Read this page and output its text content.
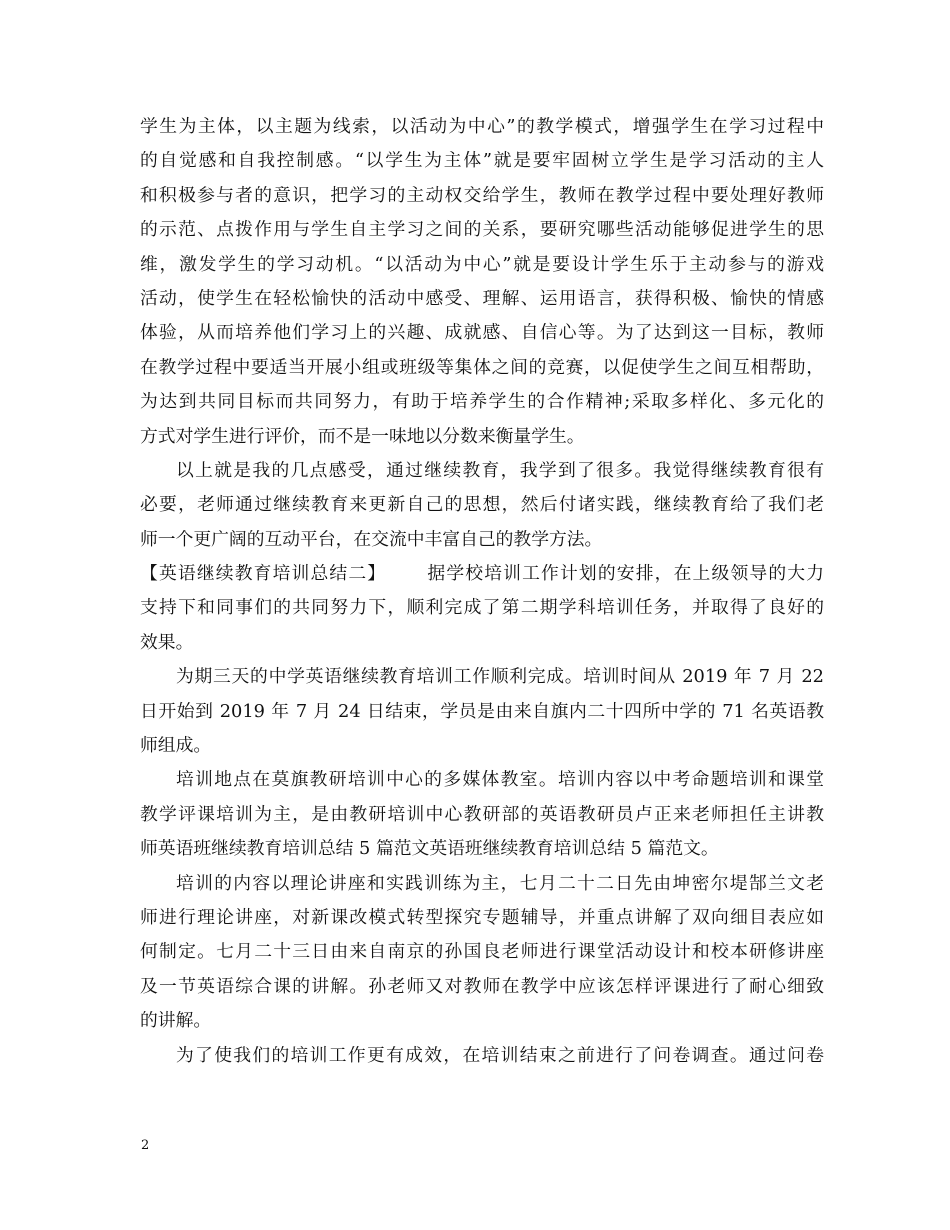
学生为主体，以主题为线索，以活动为中心”的教学模式，增强学生在学习过程中
的自觉感和自我控制感。“以学生为主体”就是要牢固树立学生是学习活动的主人
和积极参与者的意识，把学习的主动权交给学生，教师在教学过程中要处理好教师
的示范、点拨作用与学生自主学习之间的关系，要研究哪些活动能够促进学生的思
维，激发学生的学习动机。“以活动为中心”就是要设计学生乐于主动参与的游戏
活动，使学生在轻松愉快的活动中感受、理解、运用语言，获得积极、愉快的情感
体验，从而培养他们学习上的兴趣、成就感、自信心等。为了达到这一目标，教师
在教学过程中要适当开展小组或班级等集体之间的竞赛，以促使学生之间互相帮助，
为达到共同目标而共同努力，有助于培养学生的合作精神;采取多样化、多元化的
方式对学生进行评价，而不是一味地以分数来衡量学生。
以上就是我的几点感受，通过继续教育，我学到了很多。我觉得继续教育很有
必要，老师通过继续教育来更新自己的思想，然后付诸实践，继续教育给了我们老
师一个更广阔的互动平台，在交流中丰富自己的教学方法。
【英语继续教育培训总结二】 据学校培训工作计划的安排，在上级领导的大力
支持下和同事们的共同努力下，顺利完成了第二期学科培训任务，并取得了良好的
效果。
为期三天的中学英语继续教育培训工作顺利完成。培训时间从 2019 年 7 月 22
日开始到 2019 年 7 月 24 日结束，学员是由来自旗内二十四所中学的 71 名英语教
师组成。
培训地点在莫旗教研培训中心的多媒体教室。培训内容以中考命题培训和课堂
教学评课培训为主，是由教研培训中心教研部的英语教研员卢正来老师担任主讲教
师英语班继续教育培训总结 5 篇范文英语班继续教育培训总结 5 篇范文。
培训的内容以理论讲座和实践训练为主，七月二十二日先由坤密尔堤郜兰文老
师进行理论讲座，对新课改模式转型探究专题辅导，并重点讲解了双向细目表应如
何制定。七月二十三日由来自南京的孙国良老师进行课堂活动设计和校本研修讲座
及一节英语综合课的讲解。孙老师又对教师在教学中应该怎样评课进行了耐心细致
的讲解。
为了使我们的培训工作更有成效，在培训结束之前进行了问卷调查。通过问卷
2
